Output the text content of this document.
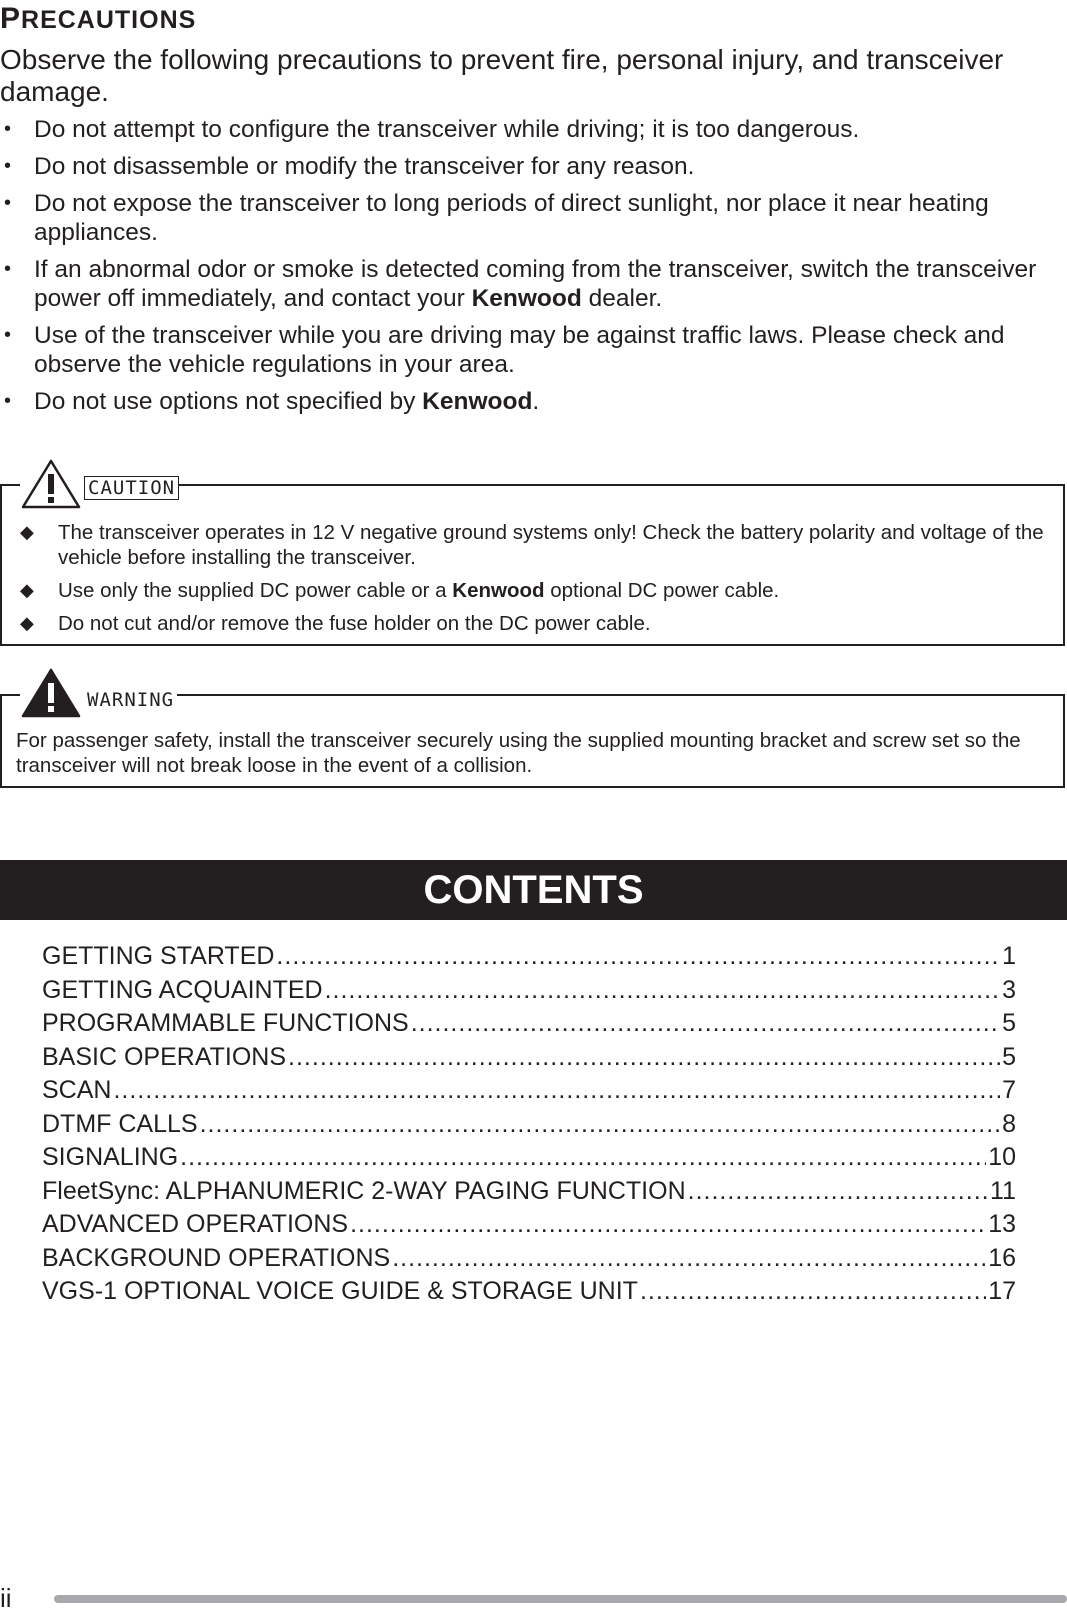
PRECAUTIONS
Observe the following precautions to prevent fire, personal injury, and transceiver damage.
• Do not attempt to configure the transceiver while driving; it is too dangerous.
• Do not disassemble or modify the transceiver for any reason.
• Do not expose the transceiver to long periods of direct sunlight, nor place it near heating appliances.
• If an abnormal odor or smoke is detected coming from the transceiver, switch the transceiver power off immediately, and contact your Kenwood dealer.
• Use of the transceiver while you are driving may be against traffic laws. Please check and observe the vehicle regulations in your area.
• Do not use options not specified by Kenwood.
CAUTION
◆ The transceiver operates in 12 V negative ground systems only! Check the battery polarity and voltage of the vehicle before installing the transceiver.
◆ Use only the supplied DC power cable or a Kenwood optional DC power cable.
◆ Do not cut and/or remove the fuse holder on the DC power cable.
WARNING
For passenger safety, install the transceiver securely using the supplied mounting bracket and screw set so the transceiver will not break loose in the event of a collision.
CONTENTS
GETTING STARTED .....	1
GETTING ACQUAINTED .....	3
PROGRAMMABLE FUNCTIONS .....	5
BASIC OPERATIONS .....	5
SCAN .....	7
DTMF CALLS .....	8
SIGNALING .....	10
FleetSync: ALPHANUMERIC 2-WAY PAGING FUNCTION .....	11
ADVANCED OPERATIONS .....	13
BACKGROUND OPERATIONS .....	16
VGS-1 OPTIONAL VOICE GUIDE & STORAGE UNIT .....	17
ii
